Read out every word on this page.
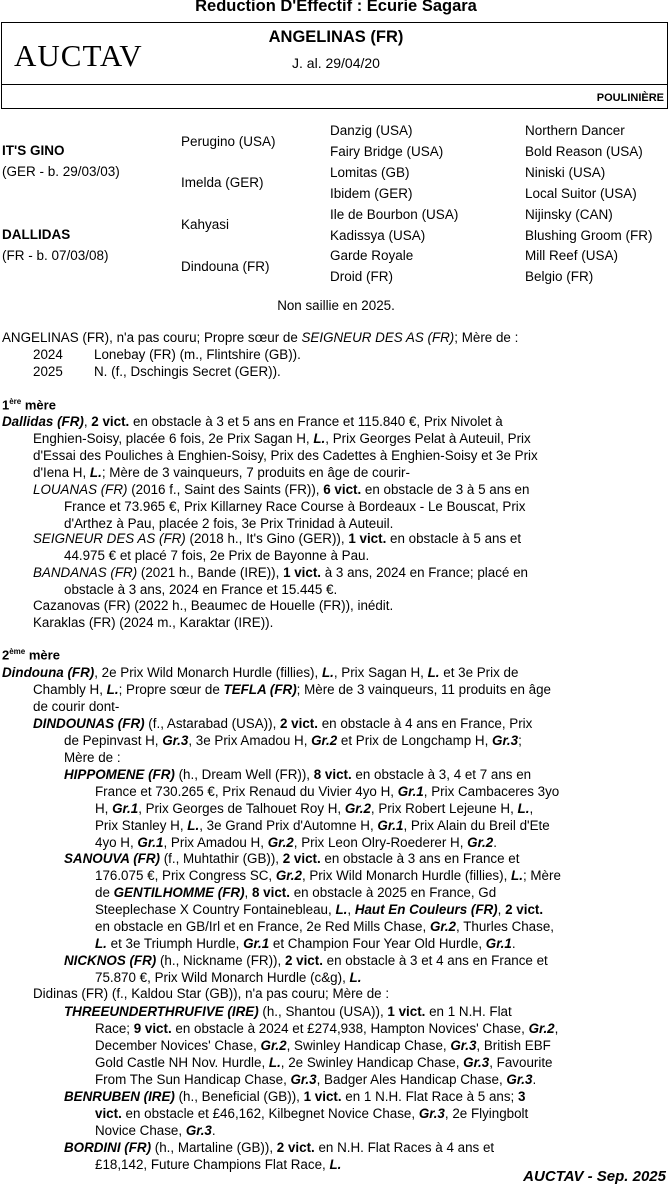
Reduction D'Effectif : Ecurie Sagara
AUCTAV
ANGELINAS (FR)
J. al. 29/04/20
POULINIÈRE
IT'S GINO
(GER - b. 29/03/03)
DALLIDAS
(FR - b. 07/03/08)
Perugino (USA)
Imelda (GER)
Kahyasi
Dindouna (FR)
Danzig (USA)
Fairy Bridge (USA)
Lomitas (GB)
Ibidem (GER)
Ile de Bourbon (USA)
Kadissya (USA)
Garde Royale
Droid (FR)
Northern Dancer
Bold Reason (USA)
Niniski (USA)
Local Suitor (USA)
Nijinsky (CAN)
Blushing Groom (FR)
Mill Reef (USA)
Belgio (FR)
Non saillie en 2025.
ANGELINAS (FR), n'a pas couru; Propre sœur de SEIGNEUR DES AS (FR); Mère de :
2024 Lonebay (FR) (m., Flintshire (GB)).
2025 N. (f., Dschingis Secret (GER)).
1ère mère

Dallidas (FR), 2 vict. en obstacle à 3 et 5 ans en France et 115.840 €, Prix Nivolet à
Enghien-Soisy, placée 6 fois, 2e Prix Sagan H, L., Prix Georges Pelat à Auteuil, Prix
d'Essai des Pouliches à Enghien-Soisy, Prix des Cadettes à Enghien-Soisy et 3e Prix
d'Iena H, L.; Mère de 3 vainqueurs, 7 produits en âge de courir-

LOUANAS (FR) (2016 f., Saint des Saints (FR)), 6 vict. en obstacle de 3 à 5 ans en
France et 73.965 €, Prix Killarney Race Course à Bordeaux - Le Bouscat, Prix
d'Arthez à Pau, placée 2 fois, 3e Prix Trinidad à Auteuil.

SEIGNEUR DES AS (FR) (2018 h., It's Gino (GER)), 1 vict. en obstacle à 5 ans et
44.975 € et placé 7 fois, 2e Prix de Bayonne à Pau.

BANDANAS (FR) (2021 h., Bande (IRE)), 1 vict. à 3 ans, 2024 en France; placé en
obstacle à 3 ans, 2024 en France et 15.445 €.

Cazanovas (FR) (2022 h., Beaumec de Houelle (FR)), inédit.
Karaklas (FR) (2024 m., Karaktar (IRE)).
2ème mère

Dindouna (FR), 2e Prix Wild Monarch Hurdle (fillies), L., Prix Sagan H, L. et 3e Prix de
Chambly H, L.; Propre sœur de TEFLA (FR); Mère de 3 vainqueurs, 11 produits en âge
de courir dont-

DINDOUNAS (FR) (f., Astarabad (USA)), 2 vict. en obstacle à 4 ans en France, Prix
de Pepinvast H, Gr.3, 3e Prix Amadou H, Gr.2 et Prix de Longchamp H, Gr.3;
Mère de :

HIPPOMENE (FR) (h., Dream Well (FR)), 8 vict. en obstacle à 3, 4 et 7 ans en
France et 730.265 €, Prix Renaud du Vivier 4yo H, Gr.1, Prix Cambaceres 3yo
H, Gr.1, Prix Georges de Talhouet Roy H, Gr.2, Prix Robert Lejeune H, L.,
Prix Stanley H, L., 3e Grand Prix d'Automne H, Gr.1, Prix Alain du Breil d'Ete
4yo H, Gr.1, Prix Amadou H, Gr.2, Prix Leon Olry-Roederer H, Gr.2.

SANOUVA (FR) (f., Muhtathir (GB)), 2 vict. en obstacle à 3 ans en France et
176.075 €, Prix Congress SC, Gr.2, Prix Wild Monarch Hurdle (fillies), L.; Mère
de GENTILHOMME (FR), 8 vict. en obstacle à 2025 en France, Gd
Steeplechase X Country Fontainebleau, L., Haut En Couleurs (FR), 2 vict.
en obstacle en GB/Irl et en France, 2e Red Mills Chase, Gr.2, Thurles Chase,
L. et 3e Triumph Hurdle, Gr.1 et Champion Four Year Old Hurdle, Gr.1.

NICKNOS (FR) (h., Nickname (FR)), 2 vict. en obstacle à 3 et 4 ans en France et
75.870 €, Prix Wild Monarch Hurdle (c&g), L.

Didinas (FR) (f., Kaldou Star (GB)), n'a pas couru; Mère de :

THREEUNDERTHRUFIVE (IRE) (h., Shantou (USA)), 1 vict. en 1 N.H. Flat
Race; 9 vict. en obstacle à 2024 et £274,938, Hampton Novices' Chase, Gr.2,
December Novices' Chase, Gr.2, Swinley Handicap Chase, Gr.3, British EBF
Gold Castle NH Nov. Hurdle, L., 2e Swinley Handicap Chase, Gr.3, Favourite
From The Sun Handicap Chase, Gr.3, Badger Ales Handicap Chase, Gr.3.

BENRUBEN (IRE) (h., Beneficial (GB)), 1 vict. en 1 N.H. Flat Race à 5 ans; 3
vict. en obstacle et £46,162, Kilbegnet Novice Chase, Gr.3, 2e Flyingbolt
Novice Chase, Gr.3.

BORDINI (FR) (h., Martaline (GB)), 2 vict. en N.H. Flat Races à 4 ans et
£18,142, Future Champions Flat Race, L.

AUCTAV - Sep. 2025
